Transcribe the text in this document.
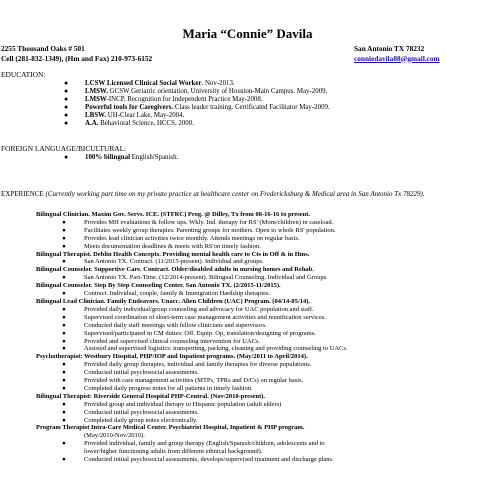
Maria “Connie” Davila
2255 Thousand Oaks # 501
Cell (281-832-1349), (Hm and Fax) 210-973-6152
San Antonio TX 78232
conniedavila88@gmail.com
EDUCATION:
● LCSW Licensed Clinical Social Worker. Nov-2013.
● LMSW. GCSW Geriatric orientation, University of Houston-Main Campus. May-2009.
● LMSW-INCP. Recognition for Independent Practice May-2008.
● Powerful tools for Caregivers. Class leader training. Certificated Facilitator May-2009.
● LBSW. UH-Clear Lake, May-2004.
● A.A. Behavioral Science, HCCS, 2000.
FOREIGN LANGUAGE/BICULTURAL:
● 100% bilingual English/Spanish.
EXPERIENCE (Currently working part time on my private practice at healthcare center on Fredericksburg & Medical area in San Antonio Tx 78229).
Bilingual Clinician. Maxim Gov. Servs. ICE. (STFRC) Prog. @ Dilley, Tx from 08-16-16 to present.
●	Provides MH evaluations & follow ups. Wkly. Ind. therapy for RS' (Mom/children) in caseload.
●	Facilitates weekly group therapies. Parenting groups for mothers. Open to whole RS' population.
●	Provides lead clinician activities twice monthly. Attends meetings on regular basis.
●	Meets documentation deadlines & meets with RS'on timely fashion.
Bilingual Therapist. Deblin Health Concepts. Providing mental health care to Cts in Off & in Hms.
●	San Antonio TX. Contract. (11/2015-present). Individual and groups.
Bilingual Counselor. Supportive Care. Contract. Older/disabled adults in nursing homes and Rehab.
●	San Antonio TX. Part-Time. (12/2014-present). Bilingual Counseling. Individual and Groups.
Bilingual Counselor. Step By Step Counseling Center. San Antonio TX. (2/2015-11/2015).
●	Contract. Individual, couple, family & Immigration Hardship therapies.
Bilingual Lead Clinician. Family Endeavors. Unacc. Alien Children (UAC) Program. (04/14-05/14).
●	Provided daily individual/group counseling and advocacy for UAC population and staff.
●	Supervised coordination of short-term case management activities and reunification services.
●	Conducted daily staff meetings with fellow clinicians and supervisors.
●	Supervised/participated in CM duties: Off. Equip. Op, translation/designing of programs.
●	Provided and supervised clinical counseling intervention for UACs.
●	Assisted and supervised logistics: transporting, packing, cleaning and providing counseling to UACs.
Psychotherapist: Westbury Hospital, PHP/IOP and Inpatient programs. (May/2011 to April/2014).
●	Provided daily group therapies, individual and family therapies for diverse populations.
●	Conducted initial psychosocial assessments.
●	Provided with case management activities (MTPs, TPRs and D/Cs) on regular basis.
●	Completed daily progress notes for all patients in timely fashion.
Bilingual Therapist: Riverside General Hospital PHP-Central. (Nov/2010-present).
●	Provided group and individual therapy to Hispanic population (adult elders)
●	Conducted initial psychosocial assessments.
●	Completed daily group notes electronically.
Program Therapist Intra-Care Medical Center. Psychiatrist Hospital, Inpatient & PHP program.
(May/2010-Nov/2010).
●	Provided individual, family and group therapy (English/Spanish/children, adolescents and to
lower/higher functioning adults from different ethnical background).
●	Conducted initial psychosocial assessments, develops/supervised treatment and discharge plans.
